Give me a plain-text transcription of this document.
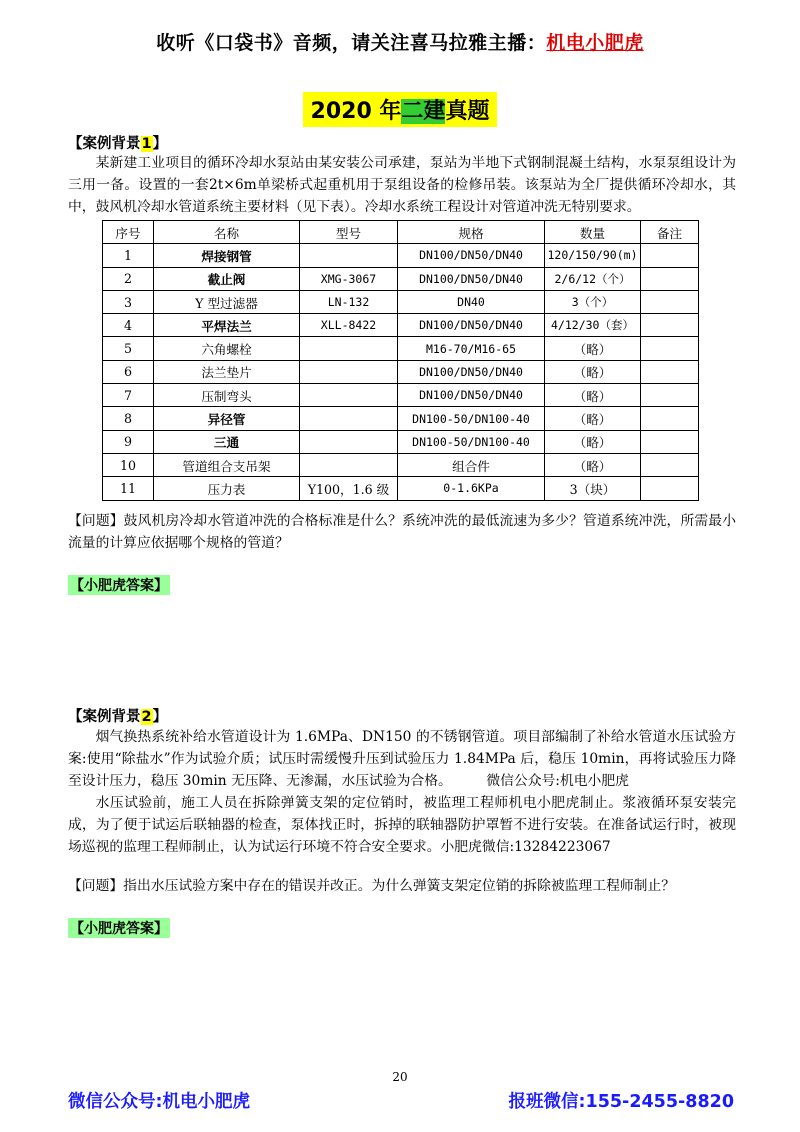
收听《口袋书》音频，请关注喜马拉雅主播：机电小肥虎
2020 年二建真题
【案例背景1】
某新建工业项目的循环冷却水泵站由某安装公司承建，泵站为半地下式钢制混凝土结构，水泵泵组设计为三用一备。设置的一套2t×6m单梁桥式起重机用于泵组设备的检修吊装。该泵站为全厂提供循环冷却水，其中，鼓风机冷却水管道系统主要材料（见下表）。冷却水系统工程设计对管道冲洗无特别要求。
序号	名称	型号	规格	数量	备注
1	焊接钢管		DN100/DN50/DN40	120/150/90(m)	
2	截止阀	XMG-3067	DN100/DN50/DN40	2/6/12（个）	
3	Y 型过滤器	LN-132	DN40	3（个）	
4	平焊法兰	XLL-8422	DN100/DN50/DN40	4/12/30（套）	
5	六角螺栓		M16-70/M16-65	（略）	
6	法兰垫片		DN100/DN50/DN40	（略）	
7	压制弯头		DN100/DN50/DN40	（略）	
8	异径管		DN100-50/DN100-40	（略）	
9	三通		DN100-50/DN100-40	（略）	
10	管道组合支吊架		组合件	（略）	
11	压力表	Y100，1.6 级	0-1.6KPa	3（块）	
【问题】鼓风机房冷却水管道冲洗的合格标准是什么？系统冲洗的最低流速为多少？管道系统冲洗，所需最小流量的计算应依据哪个规格的管道？
【小肥虎答案】
【案例背景2】
烟气换热系统补给水管道设计为 1.6MPa、DN150 的不锈钢管道。项目部编制了补给水管道水压试验方案:使用“除盐水”作为试验介质；试压时需缓慢升压到试验压力 1.84MPa 后，稳压 10min，再将试验压力降至设计压力，稳压 30min 无压降、无渗漏，水压试验为合格。　　　微信公众号:机电小肥虎
水压试验前，施工人员在拆除弹簧支架的定位销时，被监理工程师机电小肥虎制止。浆液循环泵安装完成，为了便于试运后联轴器的检查，泵体找正时，拆掉的联轴器防护罩暂不进行安装。在准备试运行时，被现场巡视的监理工程师制止，认为试运行环境不符合安全要求。小肥虎微信:13284223067
【问题】指出水压试验方案中存在的错误并改正。为什么弹簧支架定位销的拆除被监理工程师制止？
【小肥虎答案】
20
微信公众号:机电小肥虎	报班微信:155-2455-8820
